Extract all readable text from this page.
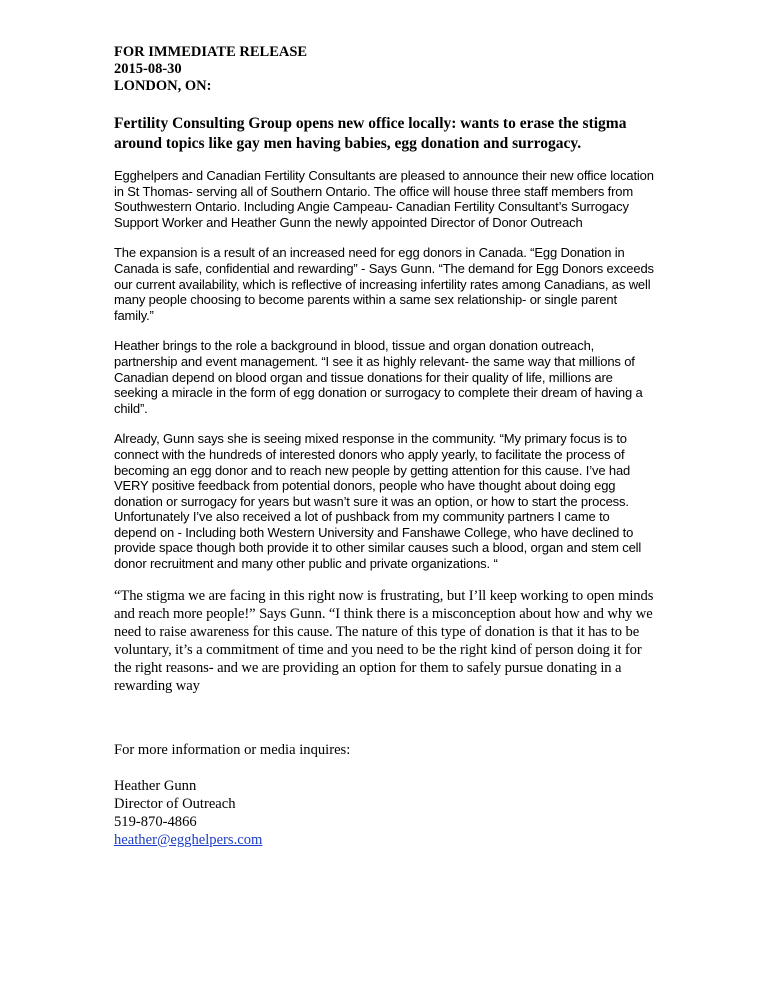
FOR IMMEDIATE RELEASE

2015-08-30

LONDON, ON:

Fertility Consulting Group opens new office locally: wants to erase the stigma around topics like gay men having babies, egg donation and surrogacy.

Egghelpers and Canadian Fertility Consultants are pleased to announce their new office location in St Thomas- serving all of Southern Ontario. The office will house three staff members from Southwestern Ontario. Including Angie Campeau- Canadian Fertility Consultant’s Surrogacy Support Worker and Heather Gunn the newly appointed Director of Donor Outreach

The expansion is a result of an increased need for egg donors in Canada. “Egg Donation in Canada is safe, confidential and rewarding” - Says Gunn. “The demand for Egg Donors exceeds our current availability, which is reflective of increasing infertility rates among Canadians, as well many people choosing to become parents within a same sex relationship- or single parent family.”

Heather brings to the role a background in blood, tissue and organ donation outreach, partnership and event management. “I see it as highly relevant- the same way that millions of Canadian depend on blood organ and tissue donations for their quality of life, millions are seeking a miracle in the form of egg donation or surrogacy to complete their dream of having a child”.

Already, Gunn says she is seeing mixed response in the community. “My primary focus is to connect with the hundreds of interested donors who apply yearly, to facilitate the process of becoming an egg donor and to reach new people by getting attention for this cause. I’ve had VERY positive feedback from potential donors, people who have thought about doing egg donation or surrogacy for years but wasn’t sure it was an option, or how to start the process. Unfortunately I’ve also received a lot of pushback from my community partners I came to depend on - Including both Western University and Fanshawe College, who have declined to provide space though both provide it to other similar causes such a blood, organ and stem cell donor recruitment and many other public and private organizations. “

“The stigma we are facing in this right now is frustrating, but I’ll keep working to open minds and reach more people!” Says Gunn. “I think there is a misconception about how and why we need to raise awareness for this cause. The nature of this type of donation is that it has to be voluntary, it’s a commitment of time and you need to be the right kind of person doing it for the right reasons- and we are providing an option for them to safely pursue donating in a rewarding way

For more information or media inquires:

Heather Gunn

Director of Outreach

519-870-4866

heather@egghelpers.com
